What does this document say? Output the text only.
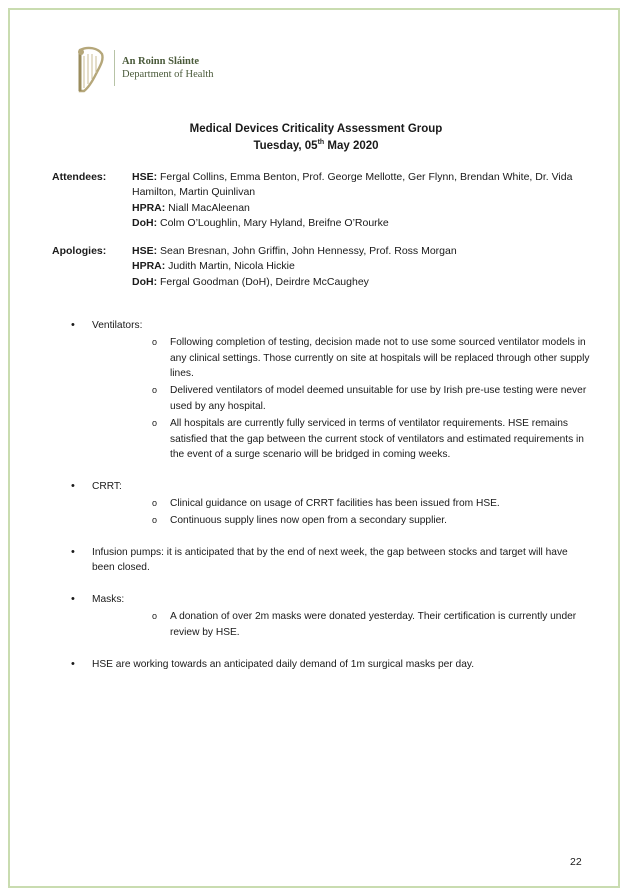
An Roinn Sláinte
Department of Health
Medical Devices Criticality Assessment Group
Tuesday, 05th May 2020
Attendees: HSE: Fergal Collins, Emma Benton, Prof. George Mellotte, Ger Flynn, Brendan White, Dr. Vida Hamilton, Martin Quinlivan
HPRA: Niall MacAleenan
DoH: Colm O’Loughlin, Mary Hyland, Breifne O’Rourke
Apologies: HSE: Sean Bresnan, John Griffin, John Hennessy, Prof. Ross Morgan
HPRA: Judith Martin, Nicola Hickie
DoH: Fergal Goodman (DoH), Deirdre McCaughey
• Ventilators:
o Following completion of testing, decision made not to use some sourced ventilator models in any clinical settings. Those currently on site at hospitals will be replaced through other supply lines.
o Delivered ventilators of model deemed unsuitable for use by Irish pre-use testing were never used by any hospital.
o All hospitals are currently fully serviced in terms of ventilator requirements. HSE remains satisfied that the gap between the current stock of ventilators and estimated requirements in the event of a surge scenario will be bridged in coming weeks.
• CRRT:
o Clinical guidance on usage of CRRT facilities has been issued from HSE.
o Continuous supply lines now open from a secondary supplier.
• Infusion pumps: it is anticipated that by the end of next week, the gap between stocks and target will have been closed.
• Masks:
o A donation of over 2m masks were donated yesterday. Their certification is currently under review by HSE.
• HSE are working towards an anticipated daily demand of 1m surgical masks per day.
22
